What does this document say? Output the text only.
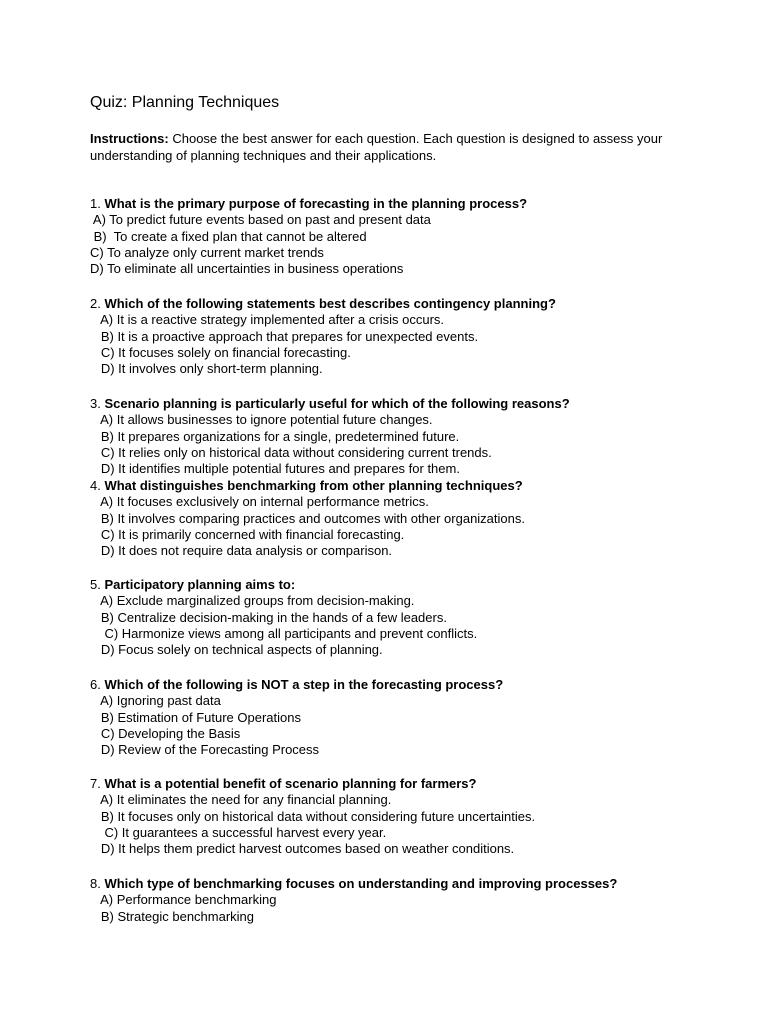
Quiz: Planning Techniques
Instructions: Choose the best answer for each question. Each question is designed to assess your understanding of planning techniques and their applications.
1. What is the primary purpose of forecasting in the planning process?
A) To predict future events based on past and present data
B)  To create a fixed plan that cannot be altered
C) To analyze only current market trends
D) To eliminate all uncertainties in business operations
2. Which of the following statements best describes contingency planning?
A) It is a reactive strategy implemented after a crisis occurs.
B) It is a proactive approach that prepares for unexpected events.
C) It focuses solely on financial forecasting.
D) It involves only short-term planning.
3. Scenario planning is particularly useful for which of the following reasons?
A) It allows businesses to ignore potential future changes.
B) It prepares organizations for a single, predetermined future.
C) It relies only on historical data without considering current trends.
D) It identifies multiple potential futures and prepares for them.
4. What distinguishes benchmarking from other planning techniques?
A) It focuses exclusively on internal performance metrics.
B) It involves comparing practices and outcomes with other organizations.
C) It is primarily concerned with financial forecasting.
D) It does not require data analysis or comparison.
5. Participatory planning aims to:
A) Exclude marginalized groups from decision-making.
B) Centralize decision-making in the hands of a few leaders.
C) Harmonize views among all participants and prevent conflicts.
D) Focus solely on technical aspects of planning.
6. Which of the following is NOT a step in the forecasting process?
A) Ignoring past data
B) Estimation of Future Operations
C) Developing the Basis
D) Review of the Forecasting Process
7. What is a potential benefit of scenario planning for farmers?
A) It eliminates the need for any financial planning.
B) It focuses only on historical data without considering future uncertainties.
C) It guarantees a successful harvest every year.
D) It helps them predict harvest outcomes based on weather conditions.
8. Which type of benchmarking focuses on understanding and improving processes?
A) Performance benchmarking
B) Strategic benchmarking
